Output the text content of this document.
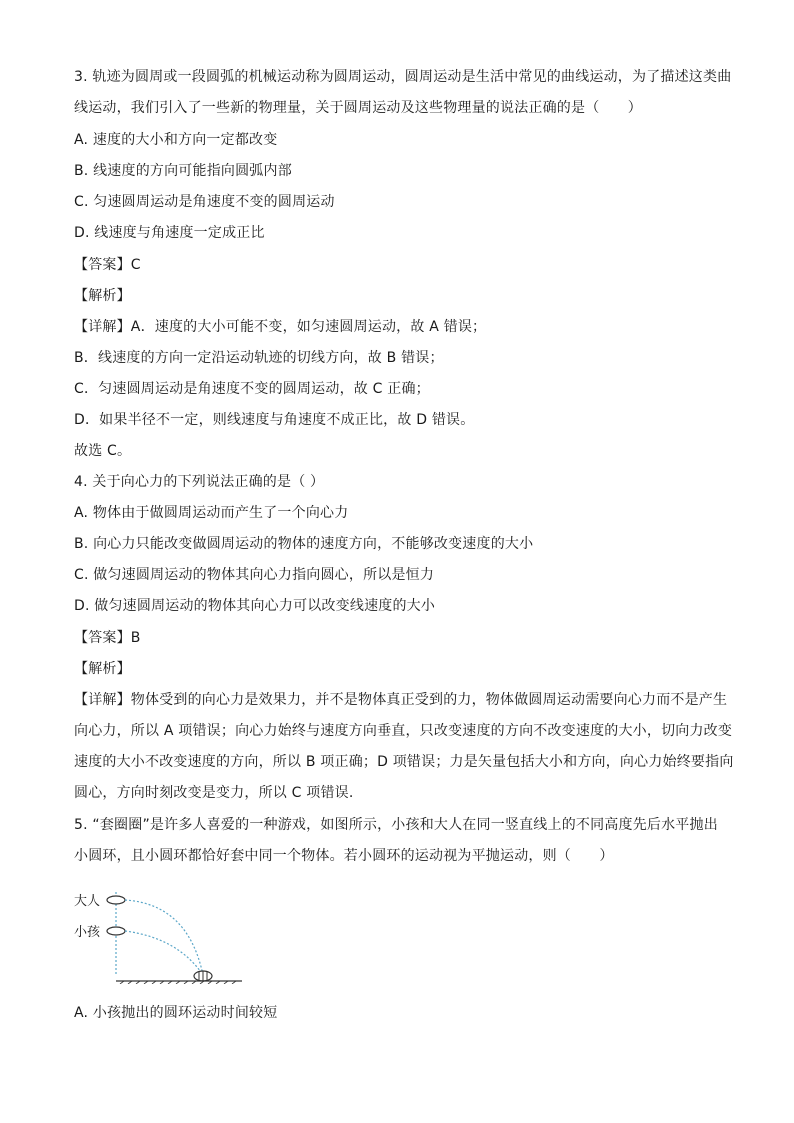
3. 轨迹为圆周或一段圆弧的机械运动称为圆周运动，圆周运动是生活中常见的曲线运动，为了描述这类曲
线运动，我们引入了一些新的物理量，关于圆周运动及这些物理量的说法正确的是（　　）
A. 速度的大小和方向一定都改变
B. 线速度的方向可能指向圆弧内部
C. 匀速圆周运动是角速度不变的圆周运动
D. 线速度与角速度一定成正比
【答案】C
【解析】
【详解】A．速度的大小可能不变，如匀速圆周运动，故 A 错误；
B．线速度的方向一定沿运动轨迹的切线方向，故 B 错误；
C．匀速圆周运动是角速度不变的圆周运动，故 C 正确；
D．如果半径不一定，则线速度与角速度不成正比，故 D 错误。
故选 C。
4. 关于向心力的下列说法正确的是（ ）
A. 物体由于做圆周运动而产生了一个向心力
B. 向心力只能改变做圆周运动的物体的速度方向，不能够改变速度的大小
C. 做匀速圆周运动的物体其向心力指向圆心，所以是恒力
D. 做匀速圆周运动的物体其向心力可以改变线速度的大小
【答案】B
【解析】
【详解】物体受到的向心力是效果力，并不是物体真正受到的力，物体做圆周运动需要向心力而不是产生
向心力，所以 A 项错误；向心力始终与速度方向垂直，只改变速度的方向不改变速度的大小，切向力改变
速度的大小不改变速度的方向，所以 B 项正确；D 项错误；力是矢量包括大小和方向，向心力始终要指向
圆心，方向时刻改变是变力，所以 C 项错误.
5. “套圈圈”是许多人喜爱的一种游戏，如图所示，小孩和大人在同一竖直线上的不同高度先后水平抛出
小圆环，且小圆环都恰好套中同一个物体。若小圆环的运动视为平抛运动，则（　　）
大人
小孩
A. 小孩抛出的圆环运动时间较短
